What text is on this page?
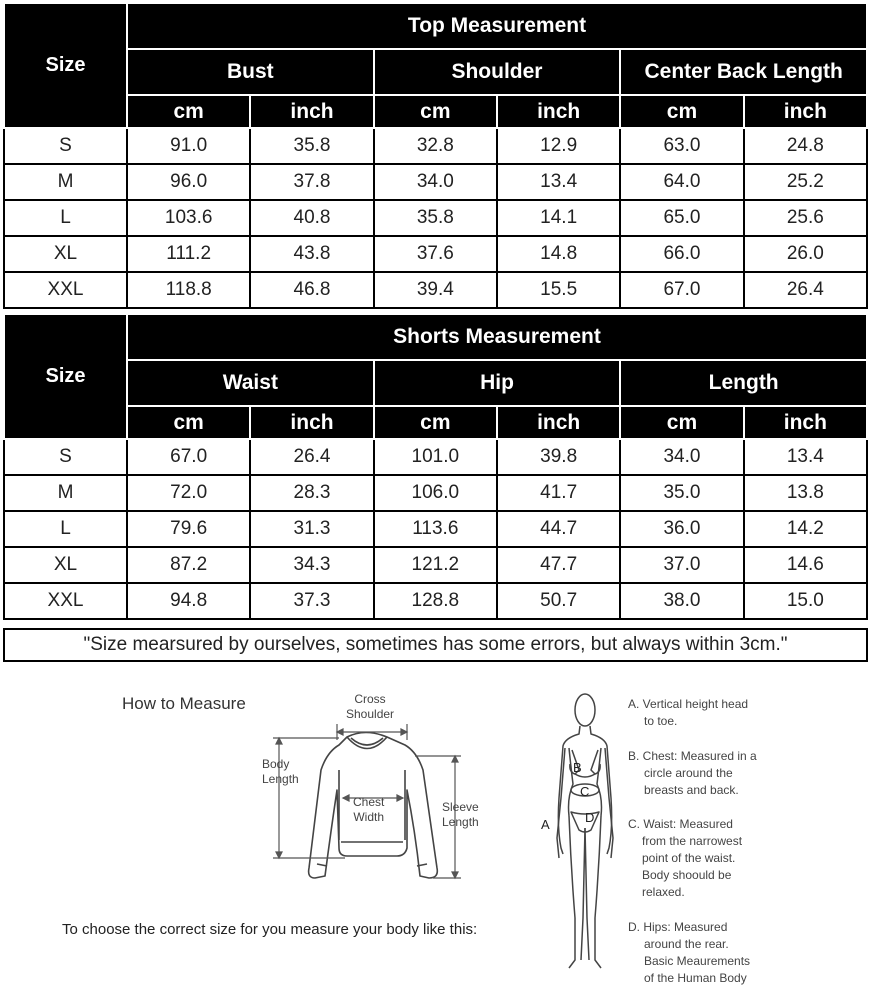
Size	Top Measurement					
	Bust		Shoulder		Center Back Length	
	cm	inch	cm	inch	cm	inch
S	91.0	35.8	32.8	12.9	63.0	24.8
M	96.0	37.8	34.0	13.4	64.0	25.2
L	103.6	40.8	35.8	14.1	65.0	25.6
XL	111.2	43.8	37.6	14.8	66.0	26.0
XXL	118.8	46.8	39.4	15.5	67.0	26.4
Size	Shorts Measurement					
	Waist		Hip		Length	
	cm	inch	cm	inch	cm	inch
S	67.0	26.4	101.0	39.8	34.0	13.4
M	72.0	28.3	106.0	41.7	35.0	13.8
L	79.6	31.3	113.6	44.7	36.0	14.2
XL	87.2	34.3	121.2	47.7	37.0	14.6
XXL	94.8	37.3	128.8	50.7	38.0	15.0
"Size mearsured by ourselves, sometimes has some errors, but always within 3cm."
How to Measure	Cross
Shoulder
Body
Length
Chest
Width
Sleeve
Length
To choose the correct size for you measure your body like this:
B
C
D
A
A. Vertical height head
to toe.
B. Chest: Measured in a
circle around the
breasts and back.
C. Waist: Measured
from the narrowest
point of the waist.
Body shoould be
relaxed.
D. Hips: Measured
around the rear.
Basic Meaurements
of the Human Body
